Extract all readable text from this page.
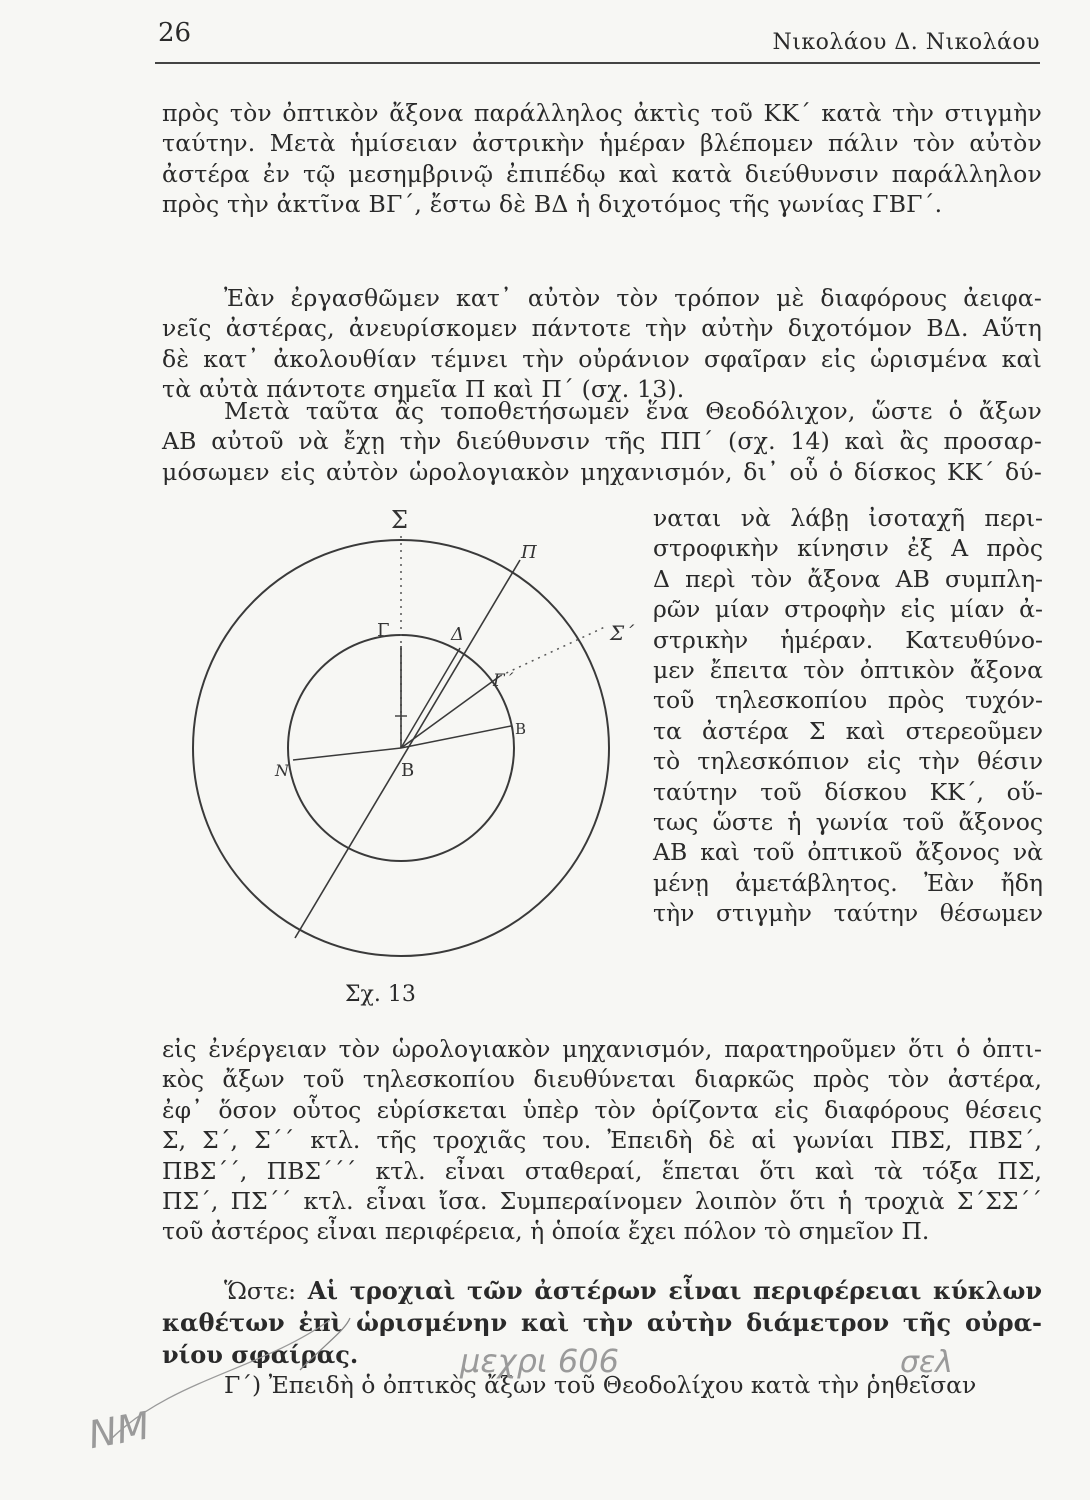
26	Νικολάου Δ. Νικολάου
πρὸς τὸν ὀπτικὸν ἄξονα παράλληλος ἀκτὶς τοῦ ΚΚ΄ κατὰ τὴν στιγμὴν
ταύτην. Μετὰ ἡμίσειαν ἀστρικὴν ἡμέραν βλέπομεν πάλιν τὸν αὐτὸν
ἀστέρα ἐν τῷ μεσημβρινῷ ἐπιπέδῳ καὶ κατὰ διεύθυνσιν παράλληλον
πρὸς τὴν ἀκτῖνα ΒΓ΄, ἔστω δὲ ΒΔ ἡ διχοτόμος τῆς γωνίας ΓΒΓ΄.
Ἐὰν ἐργασθῶμεν κατ᾽ αὐτὸν τὸν τρόπον μὲ διαφόρους ἀειφα-
νεῖς ἀστέρας, ἀνευρίσκομεν πάντοτε τὴν αὐτὴν διχοτόμον ΒΔ. Αὕτη
δὲ κατ᾽ ἀκολουθίαν τέμνει τὴν οὐράνιον σφαῖραν εἰς ὡρισμένα καὶ
τὰ αὐτὰ πάντοτε σημεῖα Π καὶ Π΄ (σχ. 13).
Μετὰ ταῦτα ἂς τοποθετήσωμεν ἕνα Θεοδόλιχον, ὥστε ὁ ἄξων
ΑΒ αὐτοῦ νὰ ἔχῃ τὴν διεύθυνσιν τῆς ΠΠ΄ (σχ. 14) καὶ ἂς προσαρ-
μόσωμεν εἰς αὐτὸν ὡρολογιακὸν μηχανισμόν, δι᾽ οὗ ὁ δίσκος ΚΚ΄ δύ-
ναται νὰ λάβῃ ἰσοταχῆ περι-
στροφικὴν κίνησιν ἐξ Α πρὸς
Δ περὶ τὸν ἄξονα ΑΒ συμπλη-
ρῶν μίαν στροφὴν εἰς μίαν ἀ-
στρικὴν ἡμέραν. Κατευθύνο-
μεν ἔπειτα τὸν ὀπτικὸν ἄξονα
τοῦ τηλεσκοπίου πρὸς τυχόν-
τα ἀστέρα Σ καὶ στερεοῦμεν
τὸ τηλεσκόπιον εἰς τὴν θέσιν
ταύτην τοῦ δίσκου ΚΚ΄, οὕ-
τως ὥστε ἡ γωνία τοῦ ἄξονος
ΑΒ καὶ τοῦ ὀπτικοῦ ἄξονος νὰ
μένῃ ἀμετάβλητος. Ἐὰν ἤδη
τὴν στιγμὴν ταύτην θέσωμεν
Σ
Π
Σ΄
Γ	Δ
Γ΄
Β
Β
Ν
Σχ. 13
εἰς ἐνέργειαν τὸν ὡρολογιακὸν μηχανισμόν, παρατηροῦμεν ὅτι ὁ ὀπτι-
κὸς ἄξων τοῦ τηλεσκοπίου διευθύνεται διαρκῶς πρὸς τὸν ἀστέρα,
ἐφ᾽ ὅσον οὗτος εὑρίσκεται ὑπὲρ τὸν ὁρίζοντα εἰς διαφόρους θέσεις
Σ, Σ΄, Σ΄΄ κτλ. τῆς τροχιᾶς του. Ἐπειδὴ δὲ αἱ γωνίαι ΠΒΣ, ΠΒΣ΄,
ΠΒΣ΄΄, ΠΒΣ΄΄΄ κτλ. εἶναι σταθεραί, ἕπεται ὅτι καὶ τὰ τόξα ΠΣ,
ΠΣ΄, ΠΣ΄΄ κτλ. εἶναι ἴσα. Συμπεραίνομεν λοιπὸν ὅτι ἡ τροχιὰ Σ΄ΣΣ΄΄
τοῦ ἀστέρος εἶναι περιφέρεια, ἡ ὁποία ἔχει πόλον τὸ σημεῖον Π.
Ὥστε: Αἱ τροχιαὶ τῶν ἀστέρων εἶναι περιφέρειαι κύκλων
καθέτων ἐπὶ ὡρισμένην καὶ τὴν αὐτὴν διάμετρον τῆς οὐρα-
νίου σφαίρας.
Γ΄) Ἐπειδὴ ὁ ὀπτικὸς ἄξων τοῦ Θεοδολίχου κατὰ τὴν ῥηθεῖσαν
μεχρι 606	σελ
NM
